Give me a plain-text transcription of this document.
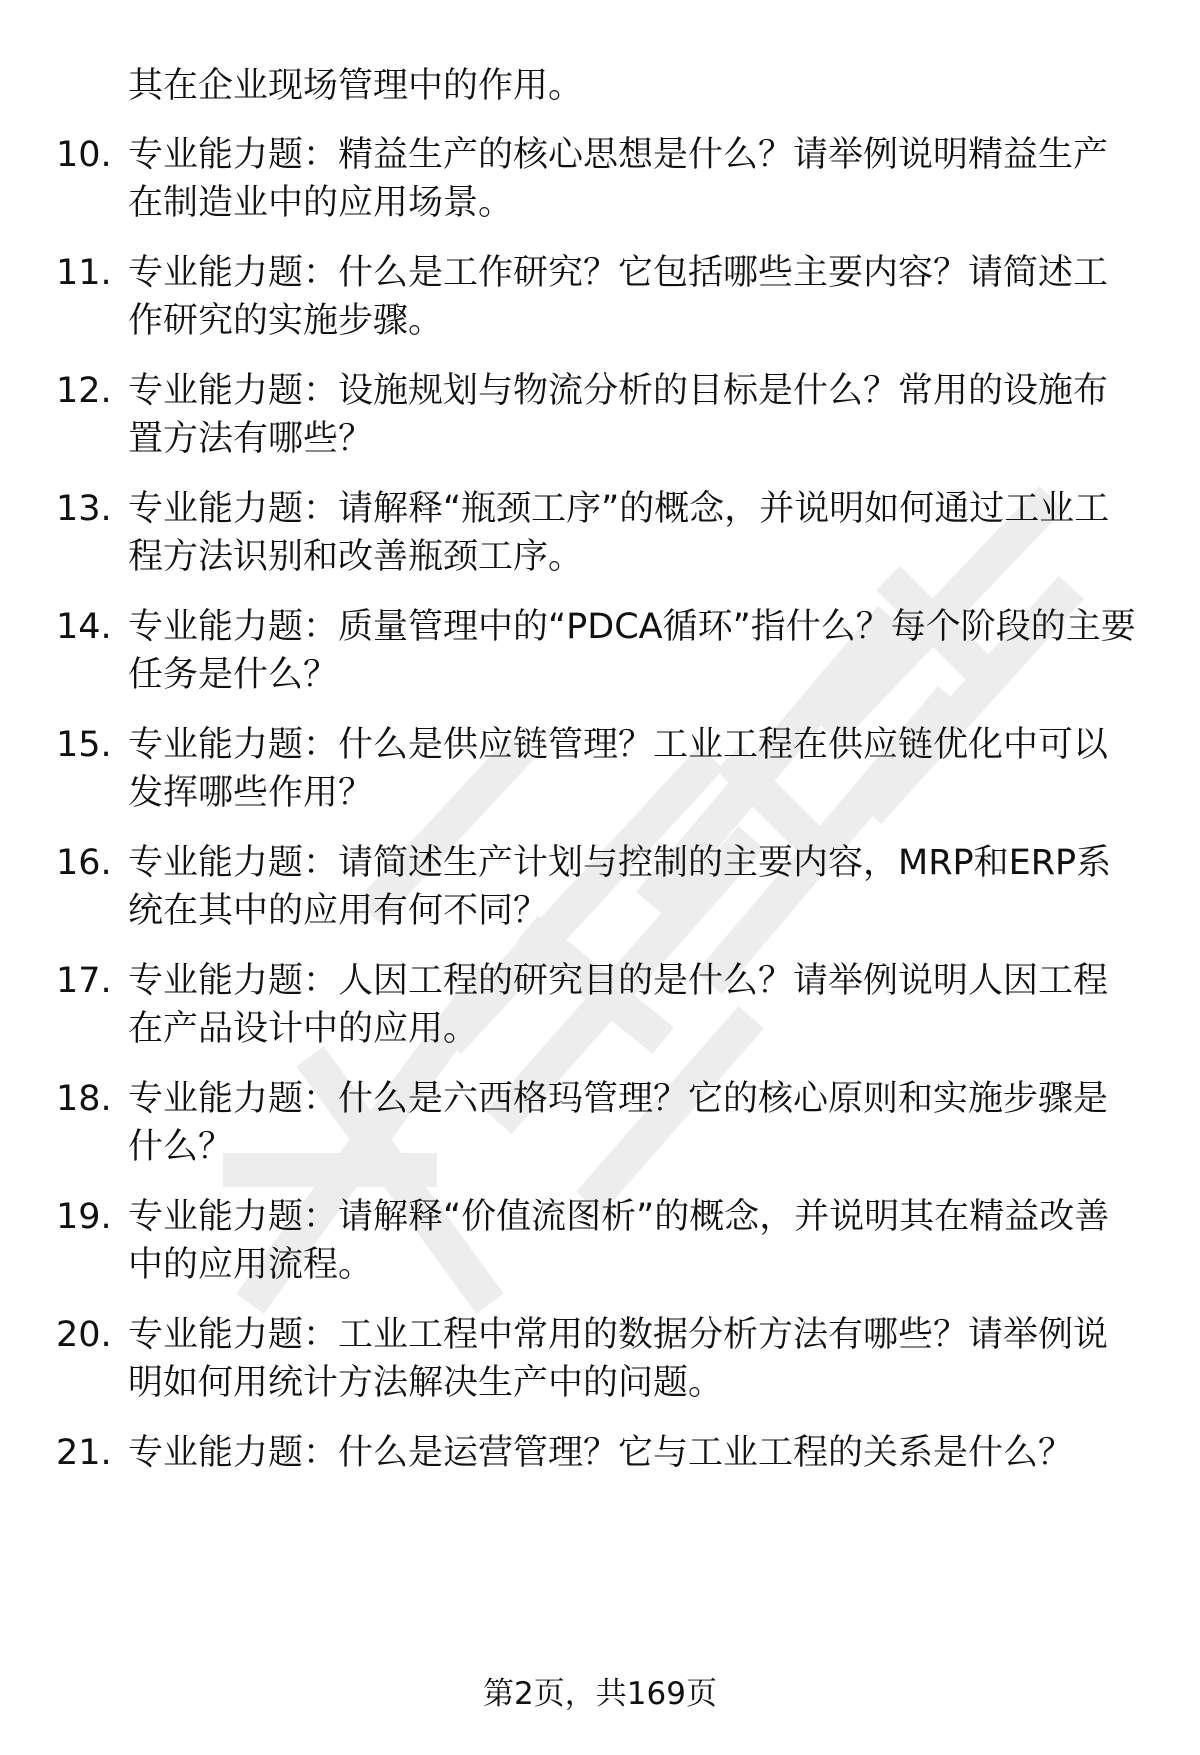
其在企业现场管理中的作用。
10. 专业能力题：精益生产的核心思想是什么？请举例说明精益生产在制造业中的应用场景。
11. 专业能力题：什么是工作研究？它包括哪些主要内容？请简述工作研究的实施步骤。
12. 专业能力题：设施规划与物流分析的目标是什么？常用的设施布置方法有哪些？
13. 专业能力题：请解释“瓶颈工序”的概念，并说明如何通过工业工程方法识别和改善瓶颈工序。
14. 专业能力题：质量管理中的“PDCA循环”指什么？每个阶段的主要任务是什么？
15. 专业能力题：什么是供应链管理？工业工程在供应链优化中可以发挥哪些作用？
16. 专业能力题：请简述生产计划与控制的主要内容，MRP和ERP系统在其中的应用有何不同？
17. 专业能力题：人因工程的研究目的是什么？请举例说明人因工程在产品设计中的应用。
18. 专业能力题：什么是六西格玛管理？它的核心原则和实施步骤是什么？
19. 专业能力题：请解释“价值流图析”的概念，并说明其在精益改善中的应用流程。
20. 专业能力题：工业工程中常用的数据分析方法有哪些？请举例说明如何用统计方法解决生产中的问题。
21. 专业能力题：什么是运营管理？它与工业工程的关系是什么？
第2页，共169页
